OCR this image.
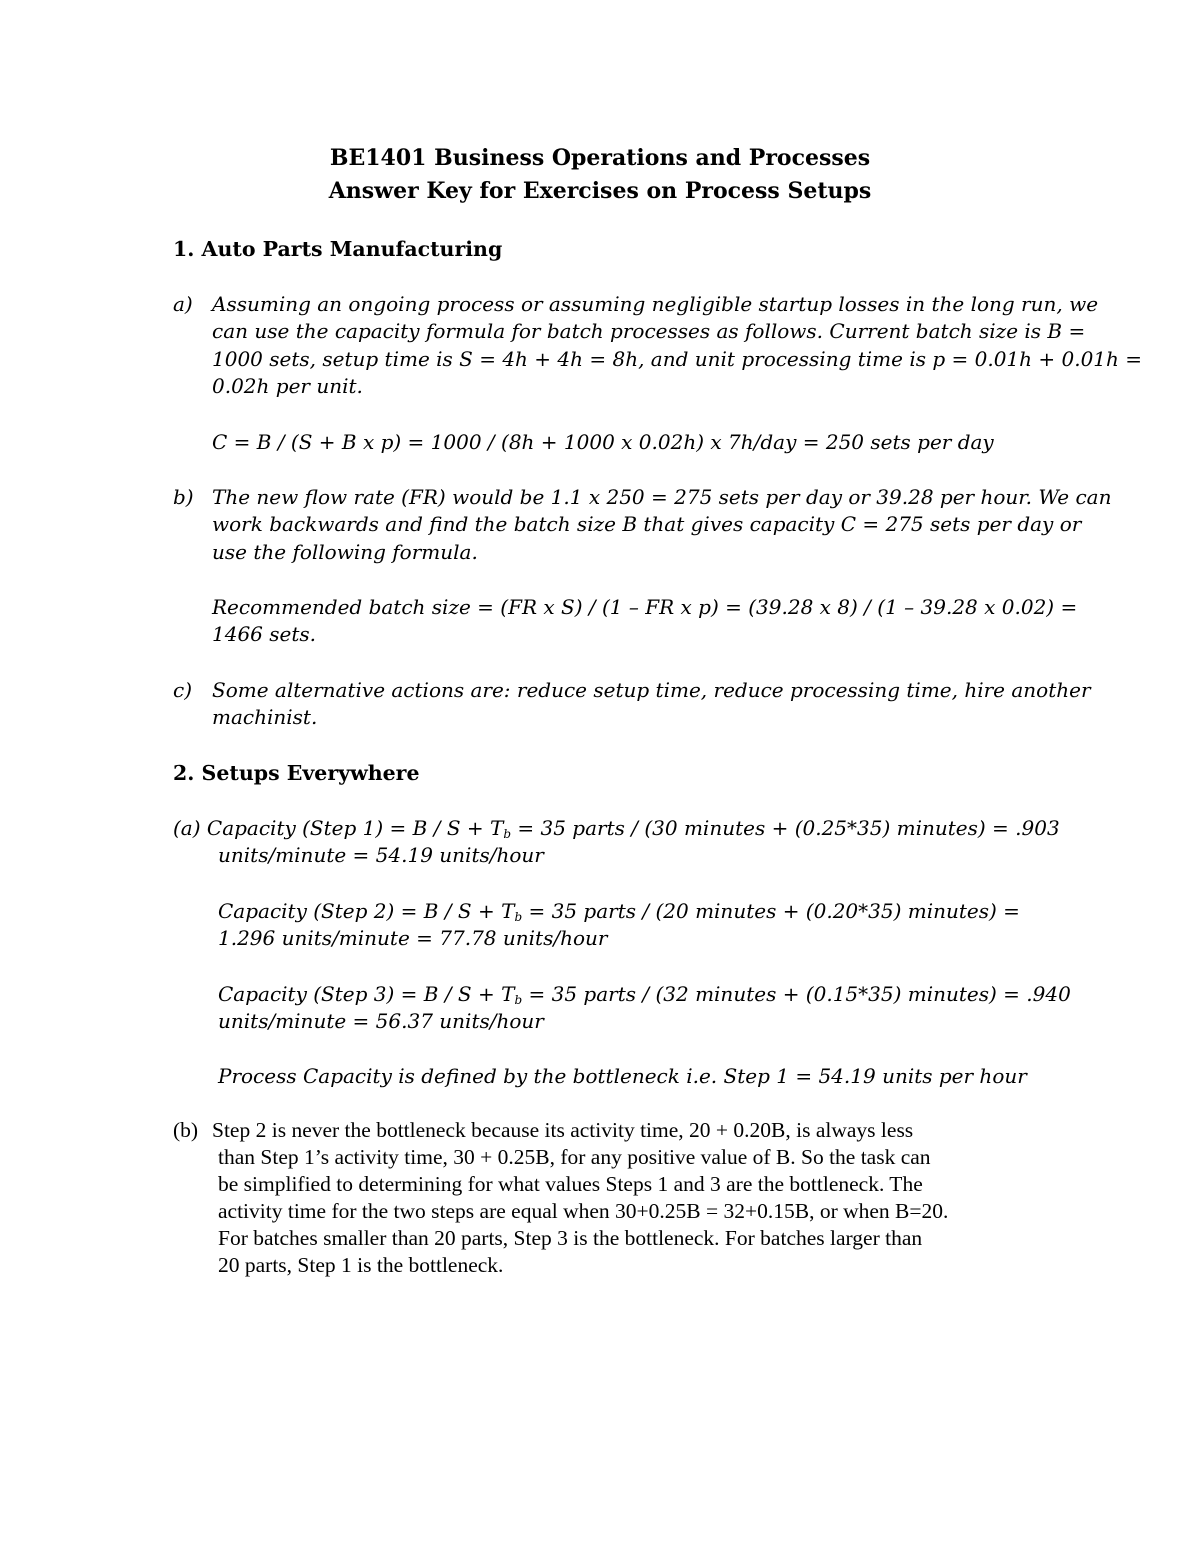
BE1401 Business Operations and Processes
Answer Key for Exercises on Process Setups
1. Auto Parts Manufacturing
a) Assuming an ongoing process or assuming negligible startup losses in the long run, we
can use the capacity formula for batch processes as follows. Current batch size is B =
1000 sets, setup time is S = 4h + 4h = 8h, and unit processing time is p = 0.01h + 0.01h =
0.02h per unit.
C = B / (S + B x p) = 1000 / (8h + 1000 x 0.02h) x 7h/day = 250 sets per day
b) The new flow rate (FR) would be 1.1 x 250 = 275 sets per day or 39.28 per hour. We can
work backwards and find the batch size B that gives capacity C = 275 sets per day or
use the following formula.
Recommended batch size = (FR x S) / (1 – FR x p) = (39.28 x 8) / (1 – 39.28 x 0.02) =
1466 sets.
c) Some alternative actions are: reduce setup time, reduce processing time, hire another
machinist.
2. Setups Everywhere
(a) Capacity (Step $1) = B / S + T_b = 35$ parts / (30 minutes + (0.25*35) minutes) = .903
units/minute = 54.19 units/hour
Capacity (Step $2) = B / S + T_b = 35$ parts / (20 minutes + (0.20*35) minutes) =
1.296 units/minute = 77.78 units/hour
Capacity (Step $3) = B / S + T_b = 35$ parts / (32 minutes + (0.15*35) minutes) = .940
units/minute = 56.37 units/hour
Process Capacity is defined by the bottleneck i.e. Step 1 = 54.19 units per hour
(b) Step 2 is never the bottleneck because its activity time, 20 + 0.20B, is always less
than Step 1’s activity time, 30 + 0.25B, for any positive value of B. So the task can
be simplified to determining for what values Steps 1 and 3 are the bottleneck. The
activity time for the two steps are equal when 30+0.25B = 32+0.15B, or when B=20.
For batches smaller than 20 parts, Step 3 is the bottleneck. For batches larger than
20 parts, Step 1 is the bottleneck.
